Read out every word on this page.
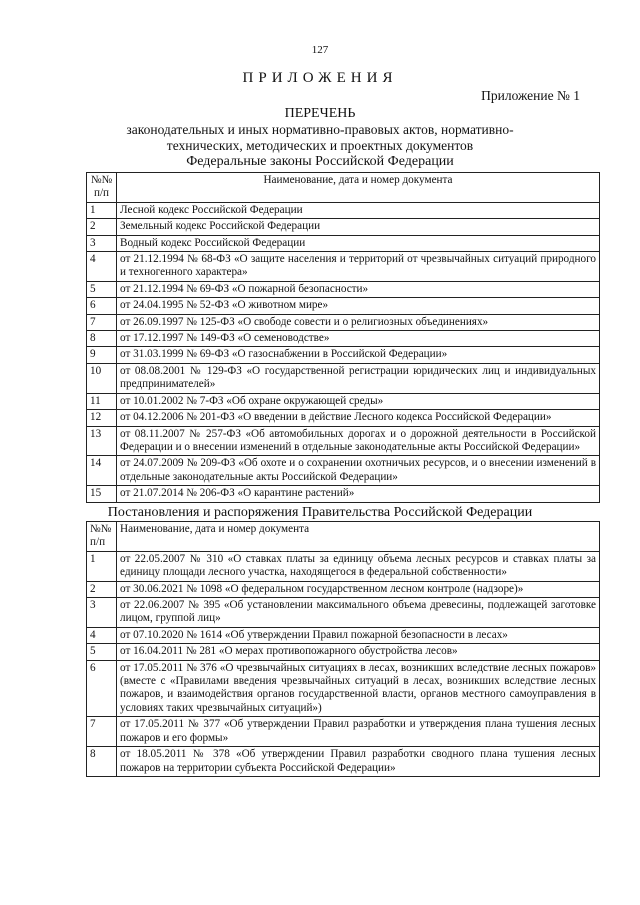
127
ПРИЛОЖЕНИЯ
Приложение № 1
ПЕРЕЧЕНЬ
законодательных и иных нормативно-правовых актов, нормативно-
технических, методических и проектных документов
Федеральные законы Российской Федерации
№№ п/п	Наименование, дата и номер документа
1	Лесной кодекс Российской Федерации
2	Земельный кодекс Российской Федерации
3	Водный кодекс Российской Федерации
4	от 21.12.1994 № 68-ФЗ «О защите населения и территорий от чрезвычайных ситуаций природного и техногенного характера»
5	от 21.12.1994 № 69-ФЗ «О пожарной безопасности»
6	от 24.04.1995 № 52-ФЗ «О животном мире»
7	от 26.09.1997 № 125-ФЗ «О свободе совести и о религиозных объединениях»
8	от 17.12.1997 № 149-ФЗ «О семеноводстве»
9	от 31.03.1999 № 69-ФЗ «О газоснабжении в Российской Федерации»
10	от 08.08.2001 № 129-ФЗ «О государственной регистрации юридических лиц и индивидуальных предпринимателей»
11	от 10.01.2002 № 7-ФЗ «Об охране окружающей среды»
12	от 04.12.2006 № 201-ФЗ «О введении в действие Лесного кодекса Российской Федерации»
13	от 08.11.2007 № 257-ФЗ «Об автомобильных дорогах и о дорожной деятельности в Российской Федерации и о внесении изменений в отдельные законодательные акты Российской Федерации»
14	от 24.07.2009 № 209-ФЗ «Об охоте и о сохранении охотничьих ресурсов, и о внесении изменений в отдельные законодательные акты Российской Федерации»
15	от 21.07.2014 № 206-ФЗ «О карантине растений»
Постановления и распоряжения Правительства Российской Федерации
№№ п/п	Наименование, дата и номер документа
1	от 22.05.2007 № 310 «О ставках платы за единицу объема лесных ресурсов и ставках платы за единицу площади лесного участка, находящегося в федеральной собственности»
2	от 30.06.2021 № 1098 «О федеральном государственном лесном контроле (надзоре)»
3	от 22.06.2007 № 395 «Об установлении максимального объема древесины, подлежащей заготовке лицом, группой лиц»
4	от 07.10.2020 № 1614 «Об утверждении Правил пожарной безопасности в лесах»
5	от 16.04.2011 № 281 «О мерах противопожарного обустройства лесов»
6	от 17.05.2011 № 376 «О чрезвычайных ситуациях в лесах, возникших вследствие лесных пожаров» (вместе с «Правилами введения чрезвычайных ситуаций в лесах, возникших вследствие лесных пожаров, и взаимодействия органов государственной власти, органов местного самоуправления в условиях таких чрезвычайных ситуаций»)
7	от 17.05.2011 № 377 «Об утверждении Правил разработки и утверждения плана тушения лесных пожаров и его формы»
8	от 18.05.2011 № 378 «Об утверждении Правил разработки сводного плана тушения лесных пожаров на территории субъекта Российской Федерации»
